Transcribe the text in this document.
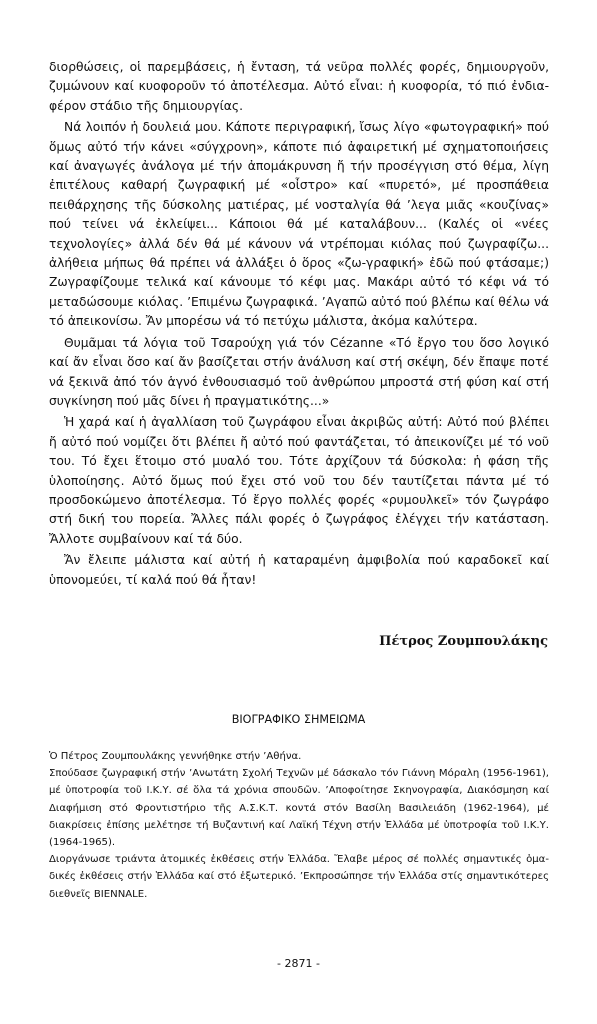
διορθώσεις, οἱ παρεμβάσεις, ἡ ἔνταση, τά νεῦρα πολλές φορές, δημιουργοῦν, ζυμώνουν καί κυοφοροῦν τό ἀποτέλεσμα. Αὐτό εἶναι: ἡ κυοφορία, τό πιό ἐνδιαφέρον στάδιο τῆς δημιουργίας.

Νά λοιπόν ἡ δουλειά μου. Κάποτε περιγραφική, ἴσως λίγο «φωτογραφική» πού ὅμως αὐτό τήν κάνει «σύγχρονη», κάποτε πιό ἀφαιρετική μέ σχηματοποιήσεις καί ἀναγωγές ἀνάλογα μέ τήν ἀπομάκρυνση ἤ τήν προσέγγιση στό θέμα, λίγη ἐπιτέλους καθαρή ζωγραφική μέ «οἶστρο» καί «πυρετό», μέ προσπάθεια πειθάρχησης τῆς δύσκολης ματιέρας, μέ νοσταλγία θά ’λεγα μιᾶς «κουζίνας» πού τείνει νά ἐκλείψει... Κάποιοι θά μέ καταλάβουν... (Καλές οἱ «νέες τεχνολογίες» ἀλλά δέν θά μέ κάνουν νά ντρέπομαι κιόλας πού ζωγραφίζω... ἀλήθεια μήπως θά πρέπει νά ἀλλάξει ὁ ὅρος «ζω-γραφική» ἐδῶ πού φτάσαμε;) Ζωγραφίζουμε τελικά καί κάνουμε τό κέφι μας. Μακάρι αὐτό τό κέφι νά τό μεταδώσουμε κιόλας. ’Επιμένω ζωγραφικά. ’Αγαπῶ αὐτό πού βλέπω καί θέλω νά τό ἀπεικονίσω. Ἄν μπορέσω νά τό πετύχω μάλιστα, ἀκόμα καλύτερα.

Θυμᾶμαι τά λόγια τοῦ Τσαρούχη γιά τόν Cézanne «Τό ἔργο του ὅσο λογικό καί ἄν εἶναι ὅσο καί ἄν βασίζεται στήν ἀνάλυση καί στή σκέψη, δέν ἔπαψε ποτέ νά ξεκινᾶ ἀπό τόν ἁγνό ἐνθουσιασμό τοῦ ἀνθρώπου μπροστά στή φύση καί στή συγκίνηση πού μᾶς δίνει ἡ πραγματικότης...»

Ἡ χαρά καί ἡ ἀγαλλίαση τοῦ ζωγράφου εἶναι ἀκριβῶς αὐτή: Αὐτό πού βλέπει ἤ αὐτό πού νομίζει ὅτι βλέπει ἤ αὐτό πού φαντάζεται, τό ἀπεικονίζει μέ τό νοῦ του. Τό ἔχει ἕτοιμο στό μυαλό του. Τότε ἀρχίζουν τά δύσκολα: ἡ φάση τῆς ὑλοποίησης. Αὐτό ὅμως πού ἔχει στό νοῦ του δέν ταυτίζεται πάντα μέ τό προσδοκώμενο ἀποτέλεσμα. Τό ἔργο πολλές φορές «ρυμουλκεῖ» τόν ζωγράφο στή δική του πορεία. Ἄλλες πάλι φορές ὁ ζωγράφος ἐλέγχει τήν κατάσταση. Ἄλλοτε συμβαίνουν καί τά δύο.

Ἄν ἔλειπε μάλιστα καί αὐτή ἡ καταραμένη ἀμφιβολία πού καραδοκεῖ καί ὑπονομεύει, τί καλά πού θά ἦταν!

Πέτρος Ζουμπουλάκης
ΒΙΟΓΡΑΦΙΚΟ ΣΗΜΕΙΩΜΑ

Ὁ Πέτρος Ζουμπουλάκης γεννήθηκε στήν ’Αθήνα.

Σπούδασε ζωγραφική στήν ’Ανωτάτη Σχολή Τεχνῶν μέ δάσκαλο τόν Γιάννη Μόραλη (1956-1961), μέ ὑποτροφία τοῦ Ι.Κ.Υ. σέ ὅλα τά χρόνια σπουδῶν. ’Αποφοίτησε Σκηνογραφία, Διακόσμηση καί Διαφήμιση στό Φροντιστήριο τῆς Α.Σ.Κ.Τ. κοντά στόν Βασίλη Βασιλειάδη (1962-1964), μέ διακρίσεις ἐπίσης μελέτησε τή Βυζαντινή καί Λαϊκή Τέχνη στήν Ἑλλάδα μέ ὑποτροφία τοῦ Ι.Κ.Υ. (1964-1965).

Διοργάνωσε τριάντα ἀτομικές ἐκθέσεις στήν Ἑλλάδα. Ἔλαβε μέρος σέ πολλές σημαντικές ὁμαδικές ἐκθέσεις στήν Ἑλλάδα καί στό ἐξωτερικό. ’Εκπροσώπησε τήν Ἑλλάδα στίς σημαντικότερες διεθνεῖς BIENNALE.

- 2871 -
